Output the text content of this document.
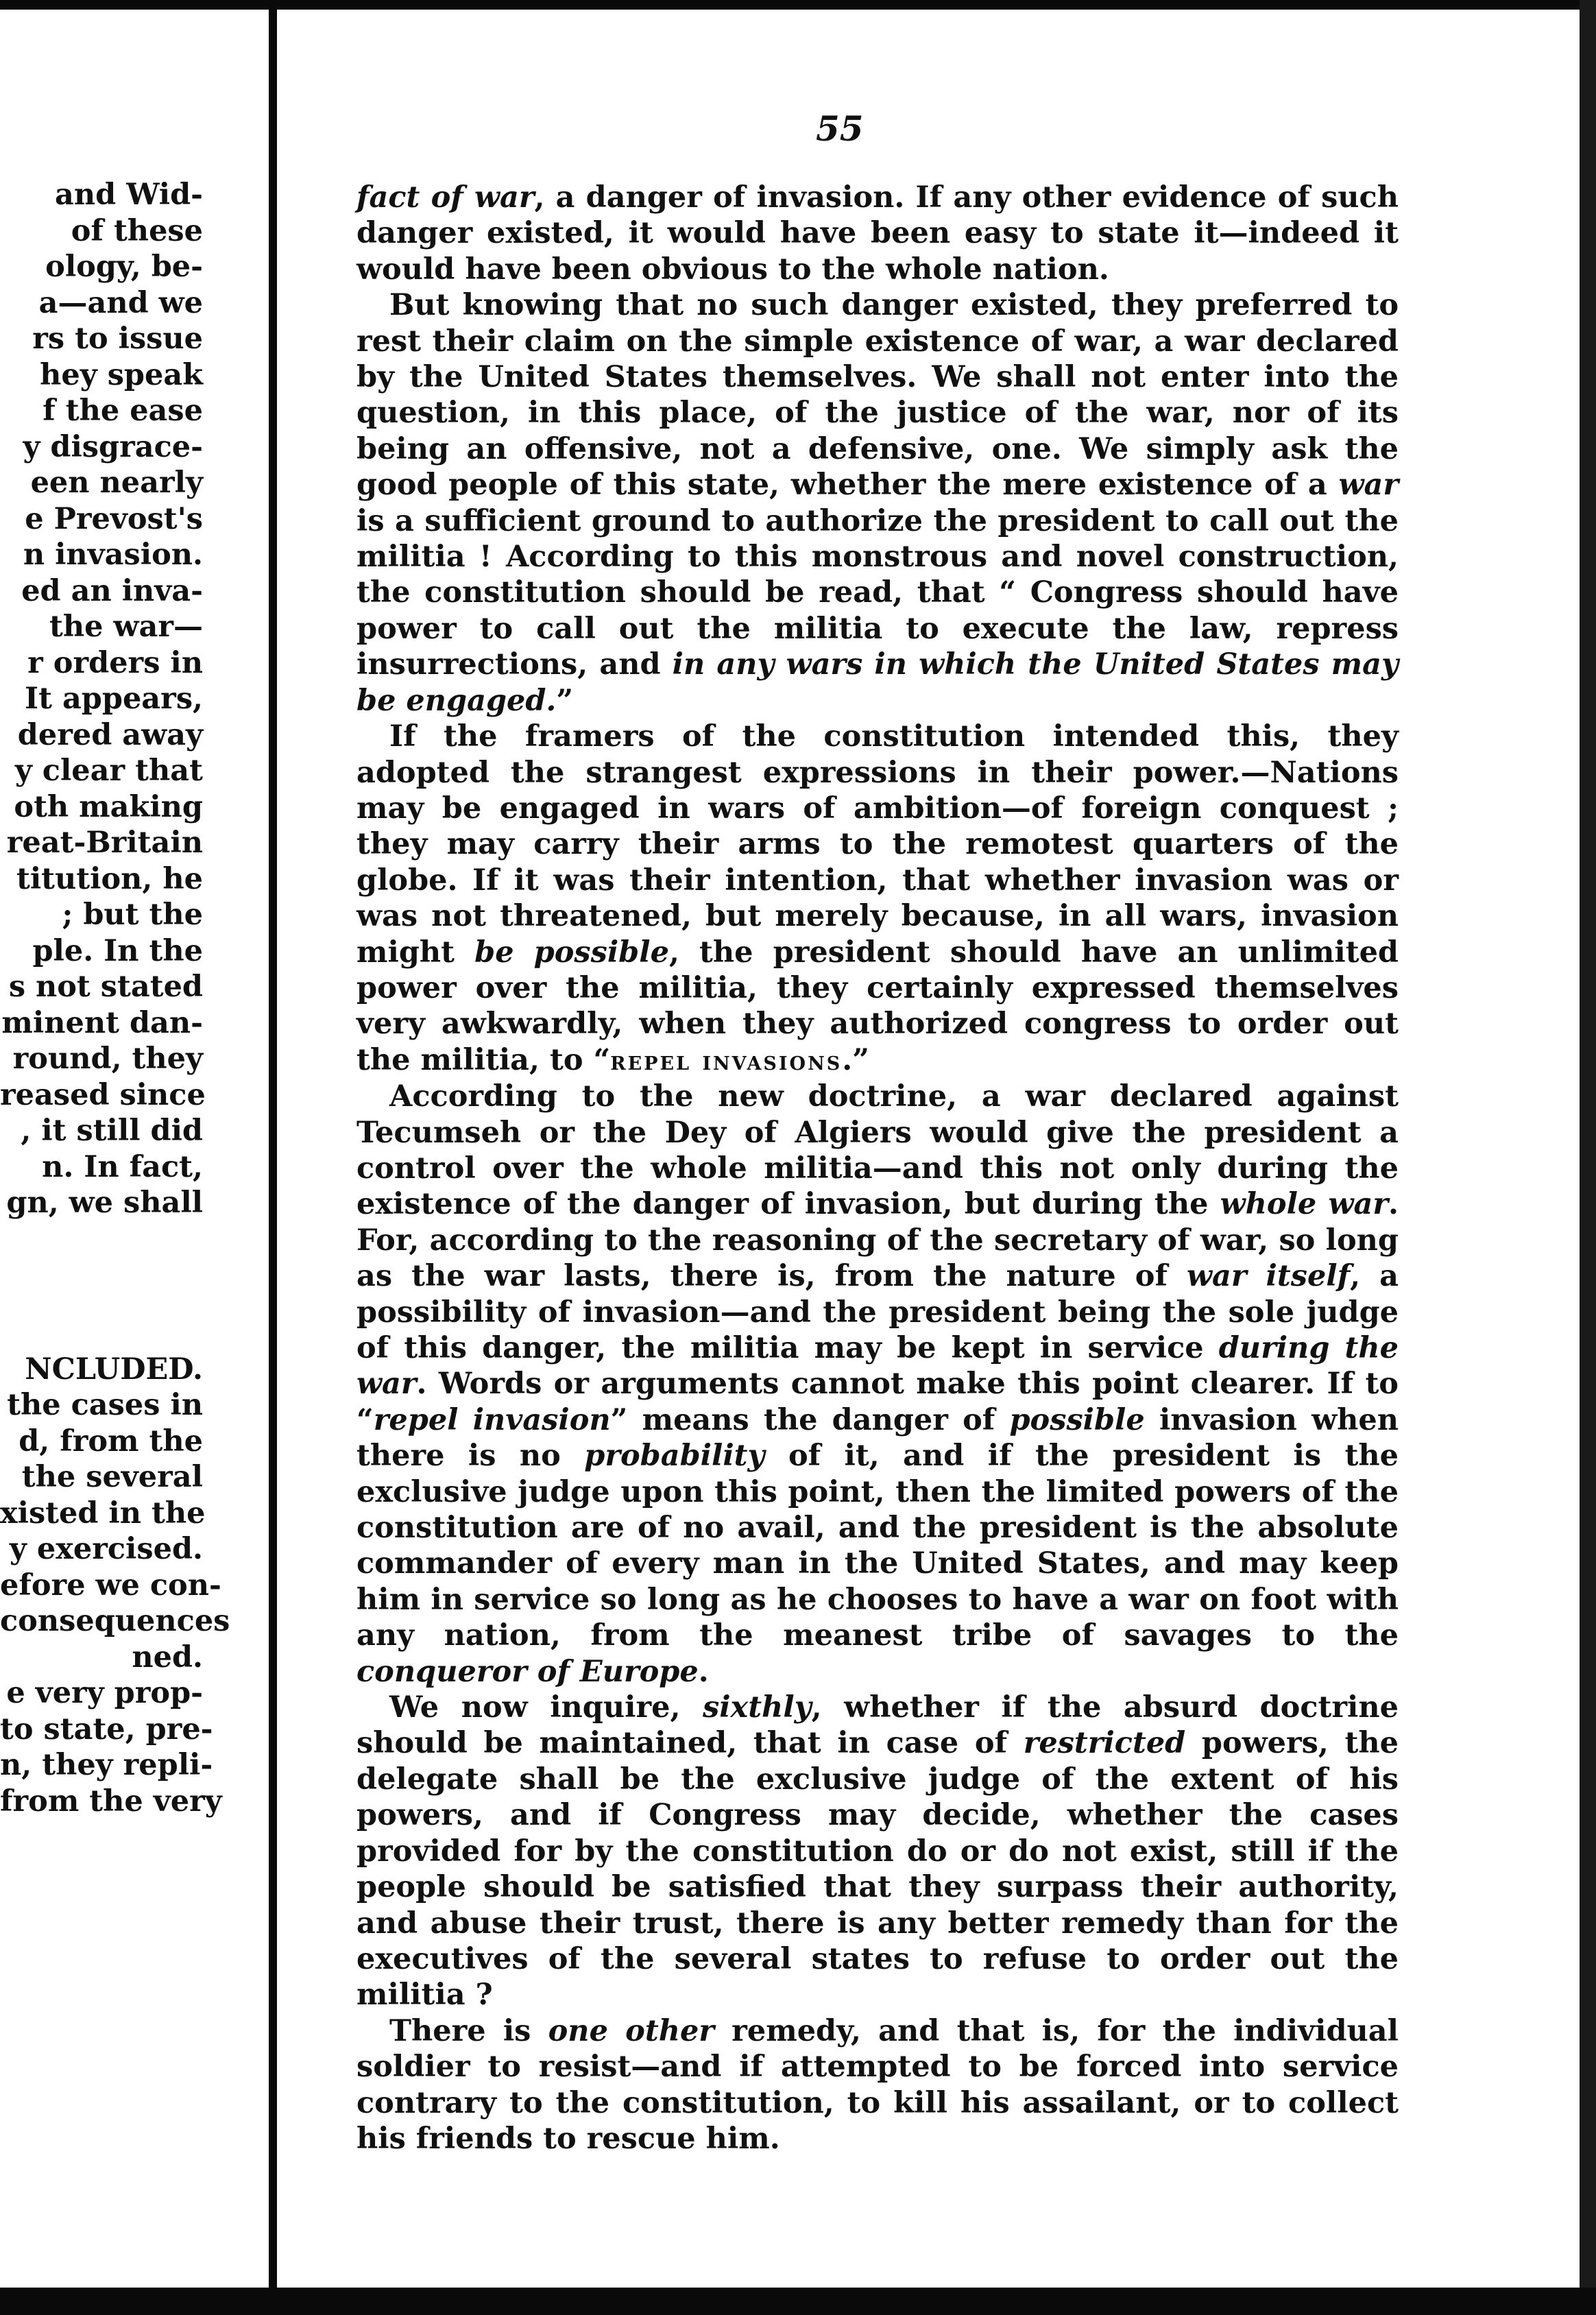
and Wid-
of these
ology, be-
a—and we
rs to issue
hey speak
f the ease
y disgrace-
een nearly
e Prevost's
n invasion.
ed an inva-
the war—
r orders in
It appears,
dered away
y clear that
oth making
reat-Britain
titution, he
; but the
ple. In the
s not stated
minent dan-
round, they
reased since
, it still did
n. In fact,
gn, we shall
NCLUDED.
the cases in
d, from the
the several
xisted in the
y exercised.
efore we con-
consequences
ned.
e very prop-
to state, pre-
n, they repli-
from the very
55

fact of war, a danger of invasion. If any other evidence of such danger existed, it would have been easy to state it—indeed it would have been obvious to the whole nation.

But knowing that no such danger existed, they preferred to rest their claim on the simple existence of war, a war declared by the United States themselves. We shall not enter into the question, in this place, of the justice of the war, nor of its being an offensive, not a defensive, one. We simply ask the good people of this state, whether the mere existence of a war is a sufficient ground to authorize the president to call out the militia ! According to this monstrous and novel construction, the constitution should be read, that “ Congress should have power to call out the militia to execute the law, repress insurrections, and in any wars in which the United States may be engaged.”

If the framers of the constitution intended this, they adopted the strangest expressions in their power.—Nations may be engaged in wars of ambition—of foreign conquest ; they may carry their arms to the remotest quarters of the globe. If it was their intention, that whether invasion was or was not threatened, but merely because, in all wars, invasion might be possible, the president should have an unlimited power over the militia, they certainly expressed themselves very awkwardly, when they authorized congress to order out the militia, to “repel invasions.”

According to the new doctrine, a war declared against Tecumseh or the Dey of Algiers would give the president a control over the whole militia—and this not only during the existence of the danger of invasion, but during the whole war. For, according to the reasoning of the secretary of war, so long as the war lasts, there is, from the nature of war itself, a possibility of invasion—and the president being the sole judge of this danger, the militia may be kept in service during the war. Words or arguments cannot make this point clearer. If to “repel invasion” means the danger of possible invasion when there is no probability of it, and if the president is the exclusive judge upon this point, then the limited powers of the constitution are of no avail, and the president is the absolute commander of every man in the United States, and may keep him in service so long as he chooses to have a war on foot with any nation, from the meanest tribe of savages to the conqueror of Europe.

We now inquire, sixthly, whether if the absurd doctrine should be maintained, that in case of restricted powers, the delegate shall be the exclusive judge of the extent of his powers, and if Congress may decide, whether the cases provided for by the constitution do or do not exist, still if the people should be satisfied that they surpass their authority, and abuse their trust, there is any better remedy than for the executives of the several states to refuse to order out the militia ?

There is one other remedy, and that is, for the individual soldier to resist—and if attempted to be forced into service contrary to the constitution, to kill his assailant, or to collect his friends to rescue him.
